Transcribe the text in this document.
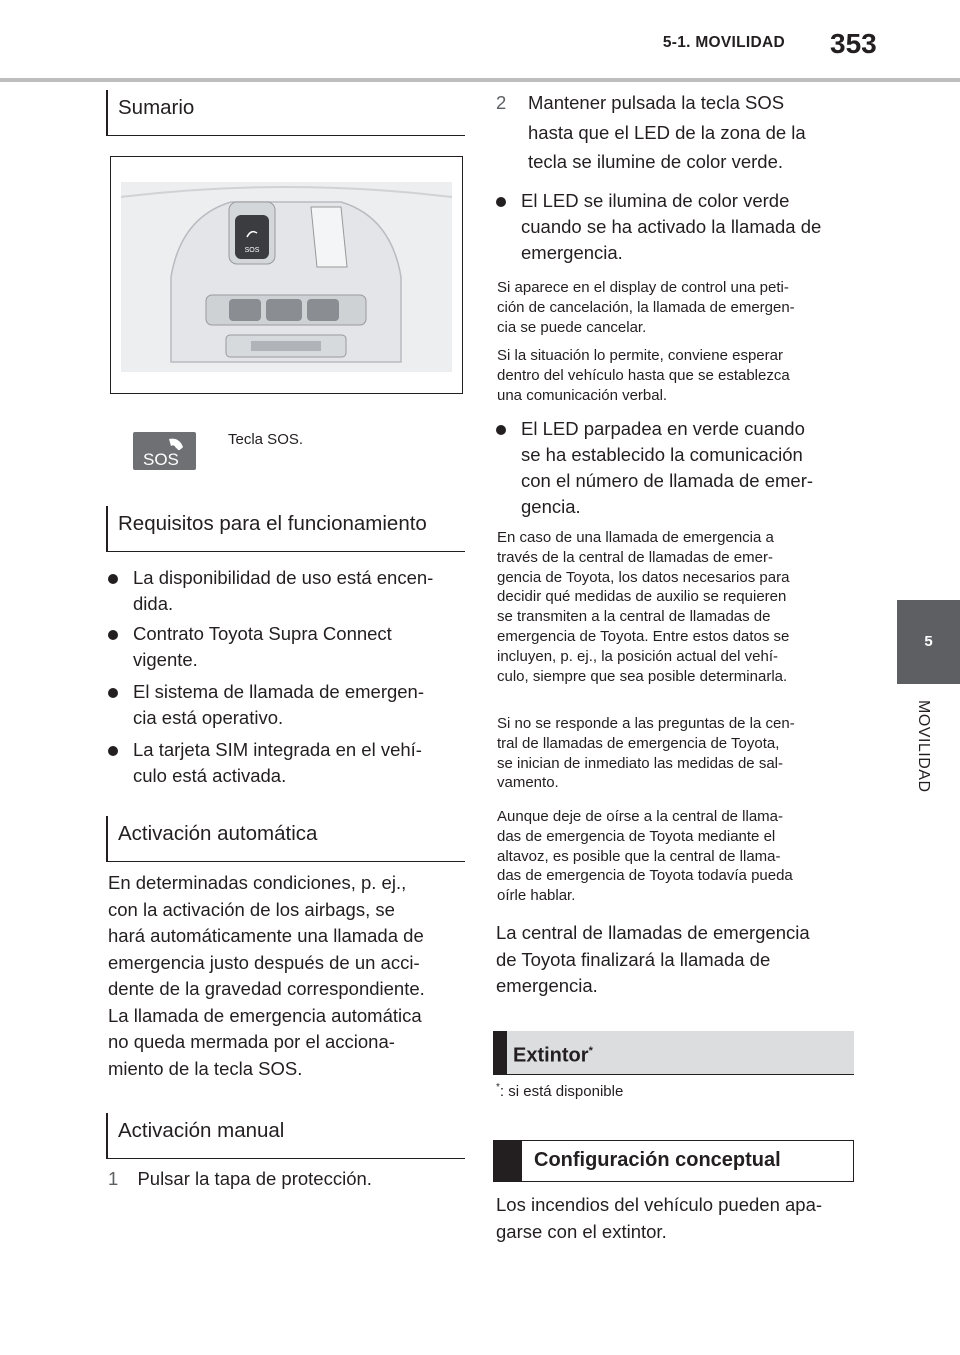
5-1. MOVILIDAD 353
5
MOVILIDAD
Sumario
SOS
SOS
Tecla SOS.
Requisitos para el funcionamiento
La disponibilidad de uso está encen-
dida.
Contrato Toyota Supra Connect
vigente.
El sistema de llamada de emergen-
cia está operativo.
La tarjeta SIM integrada en el vehí-
culo está activada.
Activación automática
En determinadas condiciones, p. ej.,
con la activación de los airbags, se
hará automáticamente una llamada de
emergencia justo después de un acci-
dente de la gravedad correspondiente.
La llamada de emergencia automática
no queda mermada por el acciona-
miento de la tecla SOS.
Activación manual
1 Pulsar la tapa de protección.
2 Mantener pulsada la tecla SOS
hasta que el LED de la zona de la
tecla se ilumine de color verde.
El LED se ilumina de color verde
cuando se ha activado la llamada de
emergencia.
Si aparece en el display de control una peti-
ción de cancelación, la llamada de emergen-
cia se puede cancelar.
Si la situación lo permite, conviene esperar
dentro del vehículo hasta que se establezca
una comunicación verbal.
El LED parpadea en verde cuando
se ha establecido la comunicación
con el número de llamada de emer-
gencia.
En caso de una llamada de emergencia a
través de la central de llamadas de emer-
gencia de Toyota, los datos necesarios para
decidir qué medidas de auxilio se requieren
se transmiten a la central de llamadas de
emergencia de Toyota. Entre estos datos se
incluyen, p. ej., la posición actual del vehí-
culo, siempre que sea posible determinarla.
Si no se responde a las preguntas de la cen-
tral de llamadas de emergencia de Toyota,
se inician de inmediato las medidas de sal-
vamento.
Aunque deje de oírse a la central de llama-
das de emergencia de Toyota mediante el
altavoz, es posible que la central de llama-
das de emergencia de Toyota todavía pueda
oírle hablar.
La central de llamadas de emergencia
de Toyota finalizará la llamada de
emergencia.
Extintor*
*: si está disponible
Configuración conceptual
Los incendios del vehículo pueden apa-
garse con el extintor.
